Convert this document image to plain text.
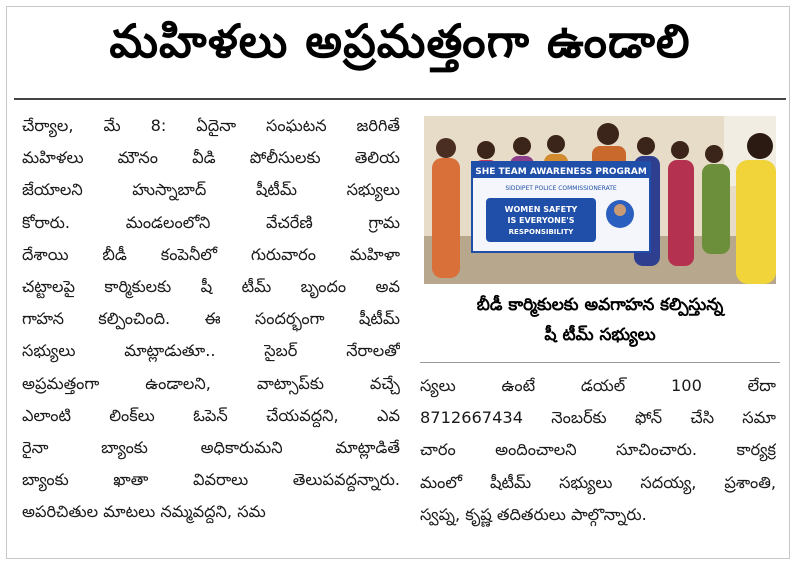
మహిళలు అప్రమత్తంగా ఉండాలి

చేర్యాల, మే 8: ఏదైనా సంఘటన జరిగితే

మహిళలు మౌనం వీడి పోలీసులకు తెలియ

జేయాలని హుస్నాబాద్ షీటీమ్ సభ్యులు

కోరారు. మండలంలోని వేచరేణి గ్రామ

దేశాయి బీడీ కంపెనీలో గురువారం మహిళా

చట్టాలపై కార్మికులకు షీ టీమ్ బృందం అవ

గాహన కల్పించింది. ఈ సందర్భంగా షీటీమ్

సభ్యులు మాట్లాడుతూ.. సైబర్ నేరాలతో

అప్రమత్తంగా ఉండాలని, వాట్సాప్‌కు వచ్చే

ఎలాంటి లింక్‌లు ఓపెన్ చేయవద్దని, ఎవ

రైనా బ్యాంకు అధికారుమని మాట్లాడితే

బ్యాంకు ఖాతా వివరాలు తెలుపవద్దన్నారు.

అపరిచితుల మాటలు నమ్మవద్దని, సమ

SHE TEAM AWARENESS PROGRAM
SIDDIPET POLICE COMMISSIONERATE
WOMEN SAFETY
IS EVERYONE'S
RESPONSIBILITY
బీడీ కార్మికులకు అవగాహన కల్పిస్తున్న
షీ టీమ్ సభ్యులు

స్యలు ఉంటే డయల్ 100 లేదా

8712667434 నెంబర్‌కు ఫోన్ చేసి సమా

చారం అందించాలని సూచించారు. కార్యక్ర

మంలో షీటీమ్ సభ్యులు సదయ్య, ప్రశాంతి,

స్వప్న, కృష్ణ తదితరులు పాల్గొన్నారు.
